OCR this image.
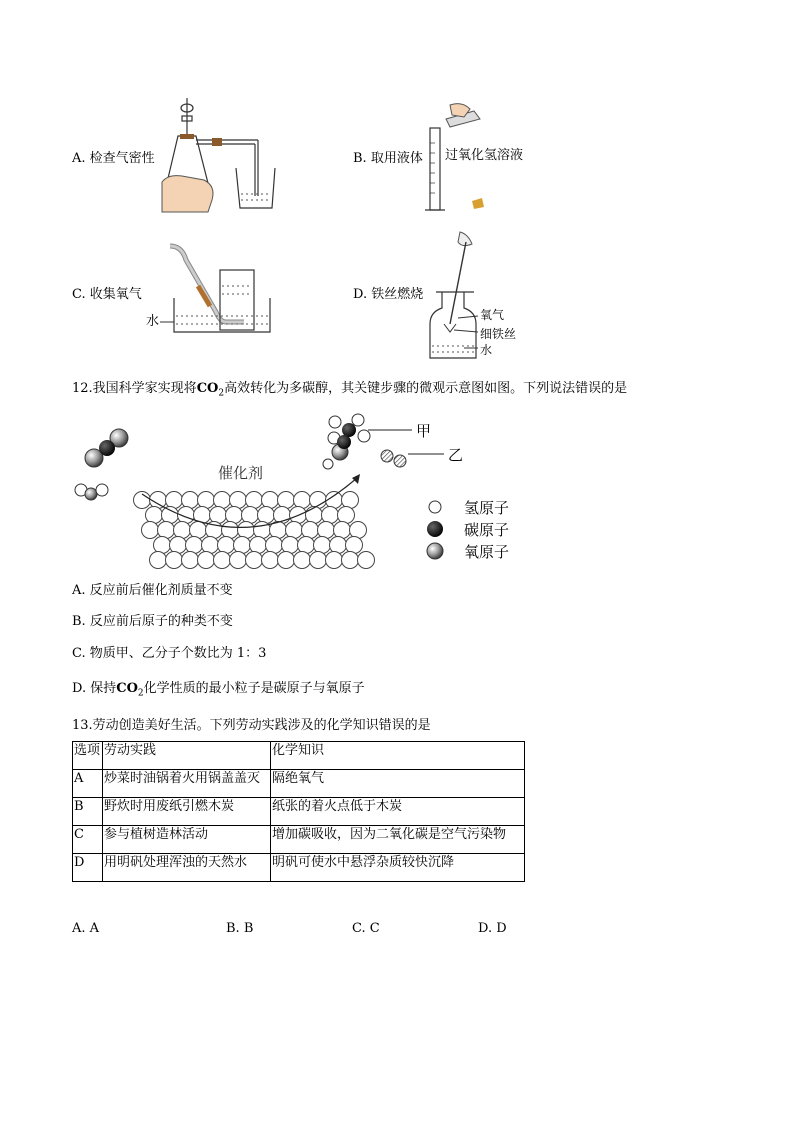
A. 检查气密性	B. 取用液体
C. 收集氧气	D. 铁丝燃烧
过氧化氢溶液
水	氧气
细铁丝
水
12.我国科学家实现将$CO_2$高效转化为多碳醇，其关键步骤的微观示意图如图。下列说法错误的是
催化剂
甲
乙
氢原子
碳原子
氧原子
A. 反应前后催化剂质量不变
B. 反应前后原子的种类不变
C. 物质甲、乙分子个数比为 1：3
D. 保持$CO_2$化学性质的最小粒子是碳原子与氧原子
13.劳动创造美好生活。下列劳动实践涉及的化学知识错误的是
选项	劳动实践	化学知识
A	炒菜时油锅着火用锅盖盖灭	隔绝氧气
B	野炊时用废纸引燃木炭	纸张的着火点低于木炭
C	参与植树造林活动	增加碳吸收，因为二氧化碳是空气污染物
D	用明矾处理浑浊的天然水	明矾可使水中悬浮杂质较快沉降
A. A	B. B	C. C	D. D
